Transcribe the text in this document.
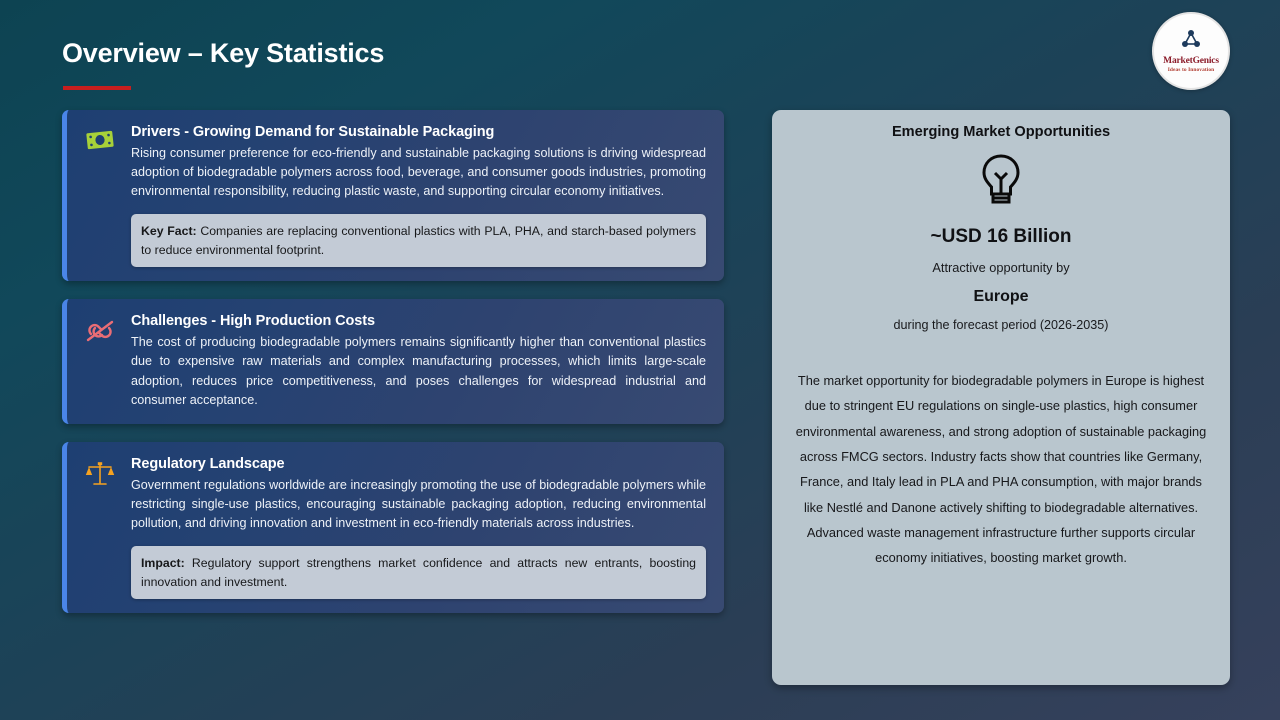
Overview – Key Statistics	MarketGenics
Ideas to Innovation
Drivers - Growing Demand for Sustainable Packaging
Rising consumer preference for eco-friendly and sustainable packaging solutions is driving widespread adoption of biodegradable polymers across food, beverage, and consumer goods industries, promoting environmental responsibility, reducing plastic waste, and supporting circular economy initiatives.
Key Fact: Companies are replacing conventional plastics with PLA, PHA, and starch-based polymers to reduce environmental footprint.
Challenges - High Production Costs
The cost of producing biodegradable polymers remains significantly higher than conventional plastics due to expensive raw materials and complex manufacturing processes, which limits large-scale adoption, reduces price competitiveness, and poses challenges for widespread industrial and consumer acceptance.
Regulatory Landscape
Government regulations worldwide are increasingly promoting the use of biodegradable polymers while restricting single-use plastics, encouraging sustainable packaging adoption, reducing environmental pollution, and driving innovation and investment in eco-friendly materials across industries.
Impact: Regulatory support strengthens market confidence and attracts new entrants, boosting innovation and investment.
Emerging Market Opportunities
~USD 16 Billion
Attractive opportunity by
Europe
during the forecast period (2026-2035)
The market opportunity for biodegradable polymers in Europe is highest due to stringent EU regulations on single-use plastics, high consumer environmental awareness, and strong adoption of sustainable packaging across FMCG sectors. Industry facts show that countries like Germany, France, and Italy lead in PLA and PHA consumption, with major brands like Nestlé and Danone actively shifting to biodegradable alternatives. Advanced waste management infrastructure further supports circular economy initiatives, boosting market growth.
